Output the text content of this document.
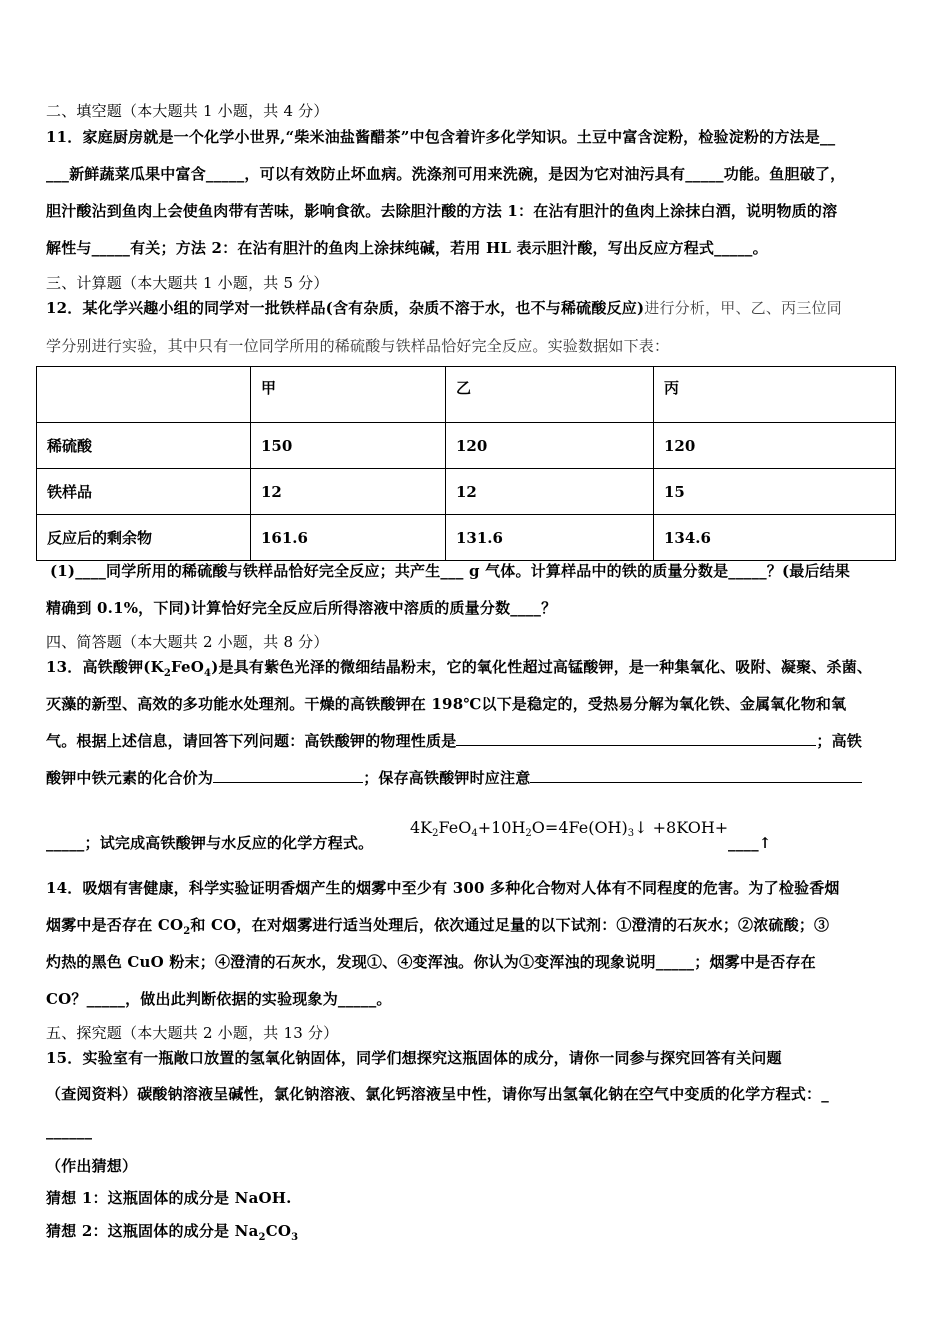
二、填空题（本大题共 1 小题，共 4 分）
11．家庭厨房就是一个化学小世界,“柴米油盐酱醋茶”中包含着许多化学知识。土豆中富含淀粉，检验淀粉的方法是__
___新鲜蔬菜瓜果中富含_____，可以有效防止坏血病。洗涤剂可用来洗碗，是因为它对油污具有_____功能。鱼胆破了，
胆汁酸沾到鱼肉上会使鱼肉带有苦味，影响食欲。去除胆汁酸的方法 1：在沾有胆汁的鱼肉上涂抹白酒，说明物质的溶
解性与_____有关；方法 2：在沾有胆汁的鱼肉上涂抹纯碱，若用 HL 表示胆汁酸，写出反应方程式_____。
三、计算题（本大题共 1 小题，共 5 分）
12．某化学兴趣小组的同学对一批铁样品(含有杂质，杂质不溶于水，也不与稀硫酸反应)进行分析，甲、乙、丙三位同
学分别进行实验，其中只有一位同学所用的稀硫酸与铁样品恰好完全反应。实验数据如下表：
	甲	乙	丙
稀硫酸	150	120	120
铁样品	12	12	15
反应后的剩余物	161.6	131.6	134.6
(1)____同学所用的稀硫酸与铁样品恰好完全反应；共产生___ g 气体。计算样品中的铁的质量分数是_____？(最后结果
精确到 0.1%，下同)计算恰好完全反应后所得溶液中溶质的质量分数____？
四、简答题（本大题共 2 小题，共 8 分）
13．高铁酸钾$(K_2FeO_4)$是具有紫色光泽的微细结晶粉末，它的氧化性超过高锰酸钾，是一种集氧化、吸附、凝聚、杀菌、
灭藻的新型、高效的多功能水处理剂。干燥的高铁酸钾在 198℃以下是稳定的，受热易分解为氧化铁、金属氧化物和氧
气。根据上述信息，请回答下列问题：高铁酸钾的物理性质是	；高铁
酸钾中铁元素的化合价为	；保存高铁酸钾时应注意
_____；试完成高铁酸钾与水反应的化学方程式。
$4K_2FeO_4+10H_2O=4Fe(OH)_3↓ +8KOH+$
____↑
14．吸烟有害健康，科学实验证明香烟产生的烟雾中至少有 300 多种化合物对人体有不同程度的危害。为了检验香烟
烟雾中是否存在 $CO_2$和 CO，在对烟雾进行适当处理后，依次通过足量的以下试剂：①澄清的石灰水；②浓硫酸；③
灼热的黑色 CuO 粉末；④澄清的石灰水，发现①、④变浑浊。你认为①变浑浊的现象说明_____；烟雾中是否存在
CO？_____，做出此判断依据的实验现象为_____。
五、探究题（本大题共 2 小题，共 13 分）
15．实验室有一瓶敞口放置的氢氧化钠固体，同学们想探究这瓶固体的成分，请你一同参与探究回答有关问题
（查阅资料）碳酸钠溶液呈碱性，氯化钠溶液、氯化钙溶液呈中性，请你写出氢氧化钠在空气中变质的化学方程式：_
______
（作出猜想）
猜想 1：这瓶固体的成分是 NaOH.
猜想 2：这瓶固体的成分是 $Na_2CO_3$
